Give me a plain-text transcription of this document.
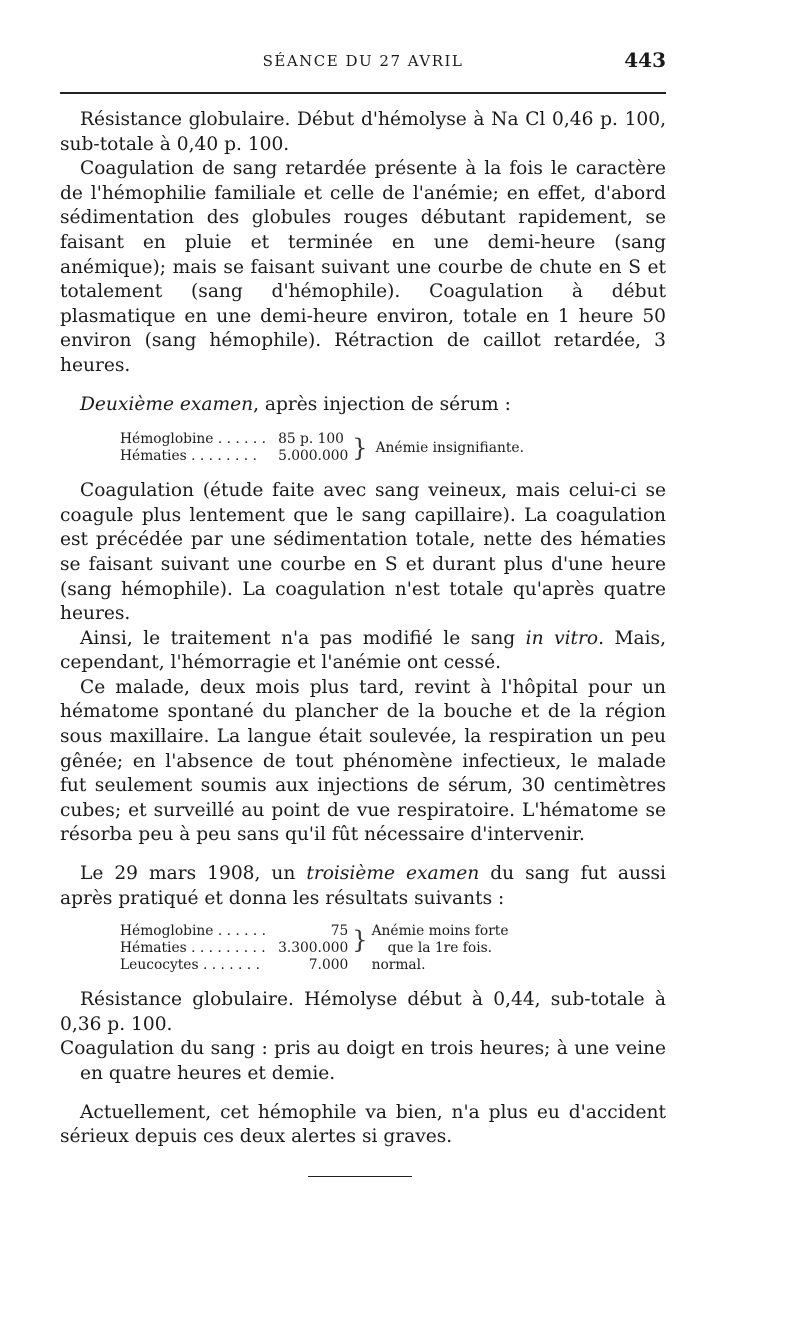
SÉANCE DU 27 AVRIL	443

Résistance globulaire. Début d'hémolyse à Na Cl 0,46 p. 100, sub-totale à 0,40 p. 100.

Coagulation de sang retardée présente à la fois le caractère de l'hémophilie familiale et celle de l'anémie; en effet, d'abord sédimentation des globules rouges débutant rapidement, se faisant en pluie et terminée en une demi-heure (sang anémique); mais se faisant suivant une courbe de chute en S et totalement (sang d'hémophile). Coagulation à début plasmatique en une demi-heure environ, totale en 1 heure 50 environ (sang hémophile). Rétraction de caillot retardée, 3 heures.

Deuxième examen, après injection de sérum :

Hémoglobine . . . . . .	85 p. 100	}	Anémie insignifiante.
Hématies . . . . . . . .	5.000.000		

Coagulation (étude faite avec sang veineux, mais celui-ci se coagule plus lentement que le sang capillaire). La coagulation est précédée par une sédimentation totale, nette des hématies se faisant suivant une courbe en S et durant plus d'une heure (sang hémophile). La coagulation n'est totale qu'après quatre heures.

Ainsi, le traitement n'a pas modifié le sang in vitro. Mais, cependant, l'hémorragie et l'anémie ont cessé.

Ce malade, deux mois plus tard, revint à l'hôpital pour un hématome spontané du plancher de la bouche et de la région sous maxillaire. La langue était soulevée, la respiration un peu gênée; en l'absence de tout phénomène infectieux, le malade fut seulement soumis aux injections de sérum, 30 centimètres cubes; et surveillé au point de vue respiratoire. L'hématome se résorba peu à peu sans qu'il fût nécessaire d'intervenir.

Le 29 mars 1908, un troisième examen du sang fut aussi après pratiqué et donna les résultats suivants :

Hémoglobine . . . . . .	75	}	Anémie moins forte
Hématies . . . . . . . . .	3.300.000		que la 1re fois.
Leucocytes . . . . . . .	7.000		normal.

Résistance globulaire. Hémolyse début à 0,44, sub-totale à 0,36 p. 100.

Coagulation du sang : pris au doigt en trois heures; à une veine en quatre heures et demie.

Actuellement, cet hémophile va bien, n'a plus eu d'accident sérieux depuis ces deux alertes si graves.
